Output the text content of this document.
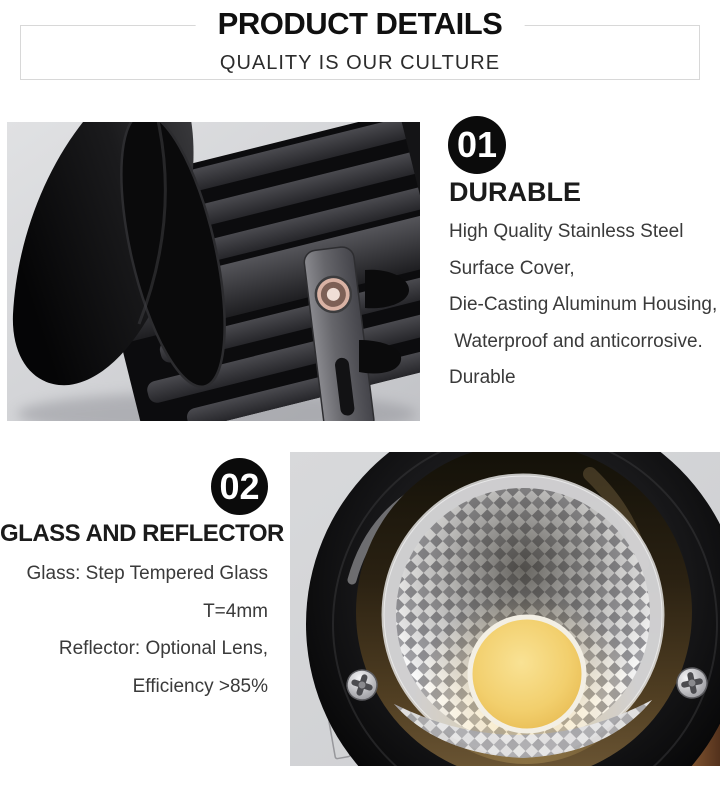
PRODUCT DETAILS
QUALITY IS OUR CULTURE
01
DURABLE
High Quality Stainless Steel
Surface Cover,
Die-Casting Aluminum Housing,
Waterproof and anticorrosive.
Durable
02
GLASS AND REFLECTOR
Glass: Step Tempered Glass
T=4mm
Reflector: Optional Lens,
Efficiency >85%
